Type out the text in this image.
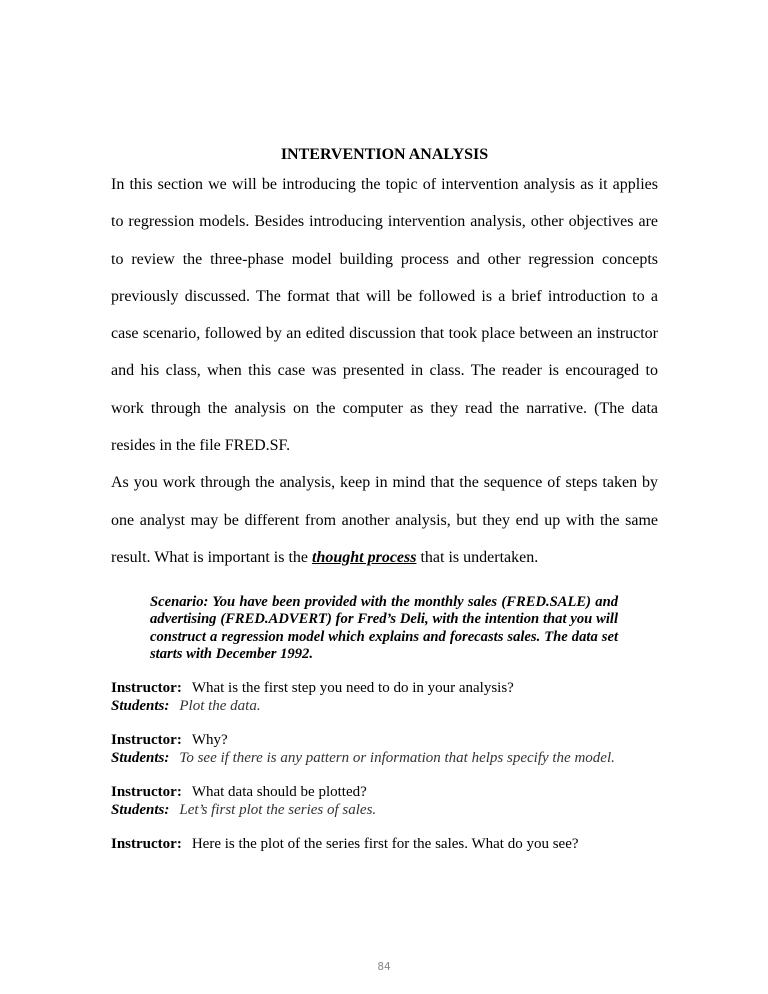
INTERVENTION ANALYSIS

In this section we will be introducing the topic of intervention analysis as it applies to regression models. Besides introducing intervention analysis, other objectives are to review the three-phase model building process and other regression concepts previously discussed. The format that will be followed is a brief introduction to a case scenario, followed by an edited discussion that took place between an instructor and his class, when this case was presented in class. The reader is encouraged to work through the analysis on the computer as they read the narrative. (The data resides in the file FRED.SF.

As you work through the analysis, keep in mind that the sequence of steps taken by one analyst may be different from another analysis, but they end up with the same result. What is important is the thought process that is undertaken.

Scenario: You have been provided with the monthly sales (FRED.SALE) and advertising (FRED.ADVERT) for Fred’s Deli, with the intention that you will construct a regression model which explains and forecasts sales. The data set starts with December 1992.
Instructor: What is the first step you need to do in your analysis?
Students: Plot the data.
Instructor: Why?
Students: To see if there is any pattern or information that helps specify the model.
Instructor: What data should be plotted?
Students: Let’s first plot the series of sales.
Instructor: Here is the plot of the series first for the sales. What do you see?
84
